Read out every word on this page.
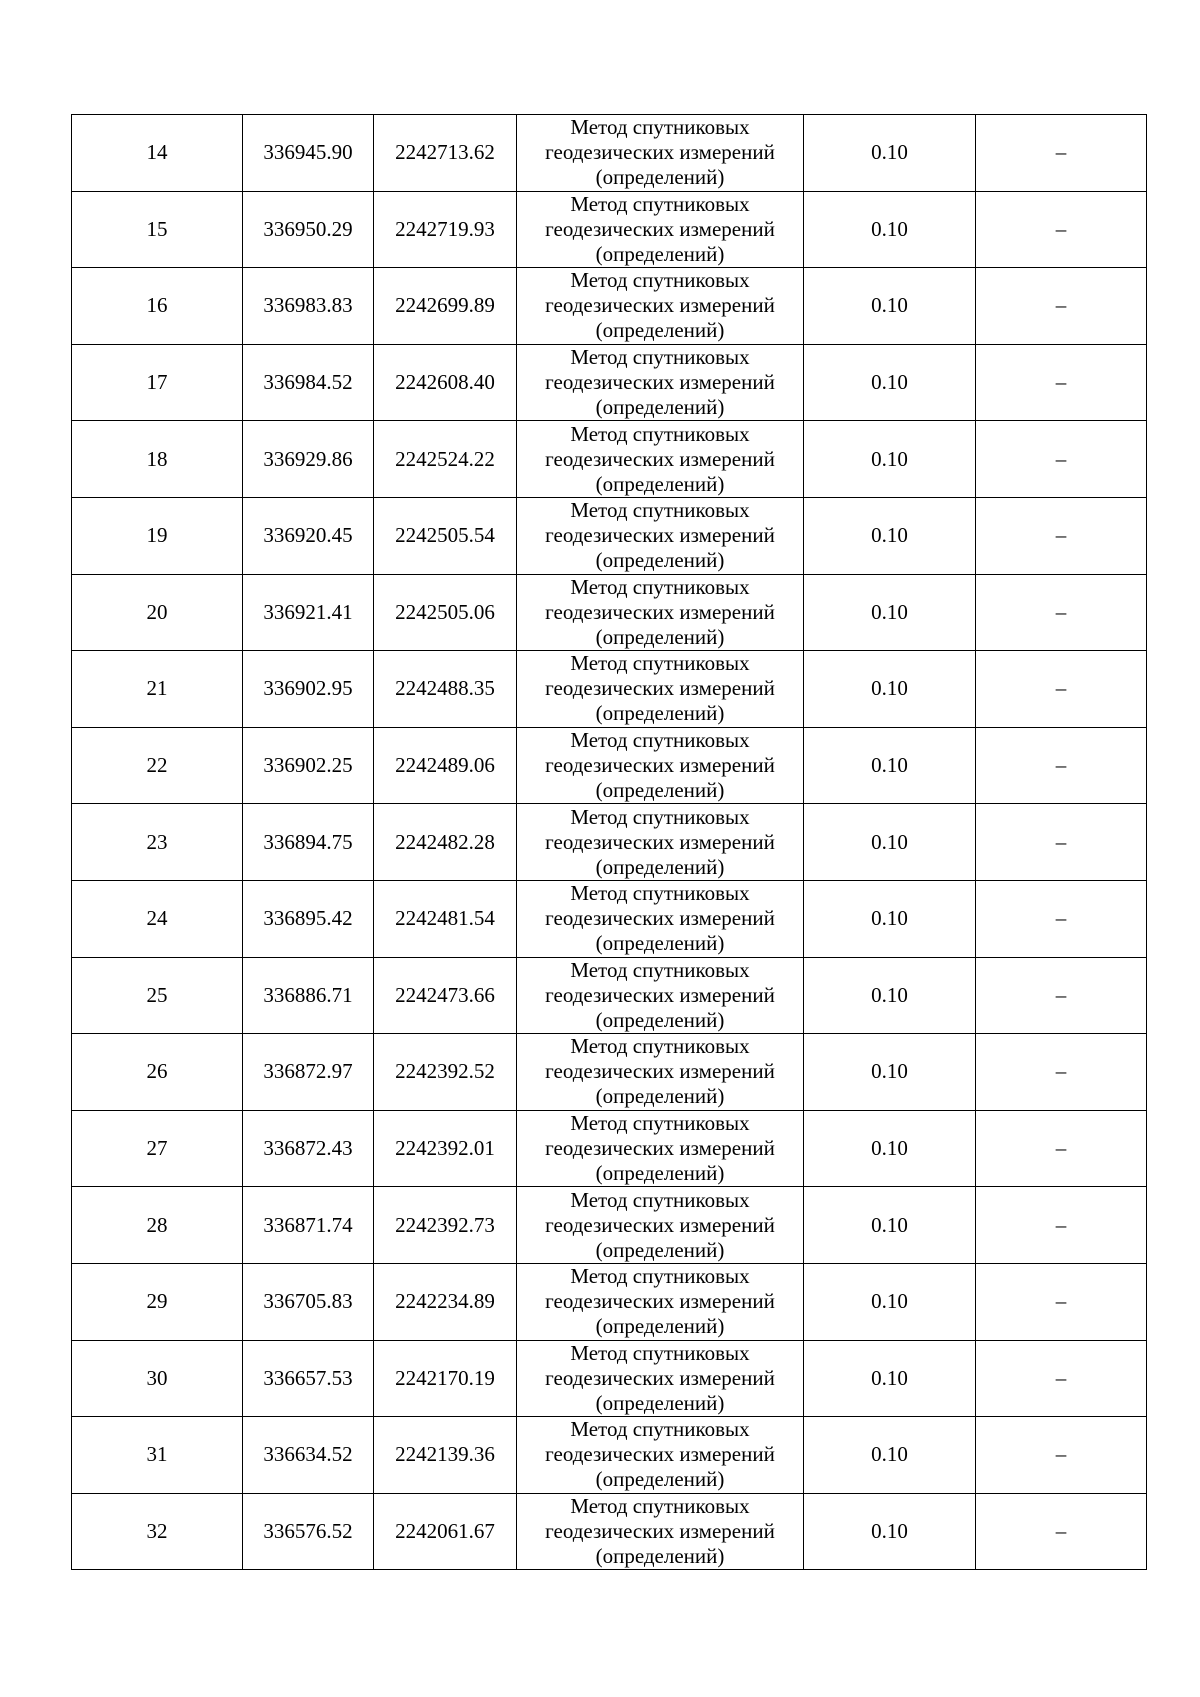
14	336945.90	2242713.62	Метод спутниковых
геодезических измерений
(определений)	0.10	–
15	336950.29	2242719.93	Метод спутниковых
геодезических измерений
(определений)	0.10	–
16	336983.83	2242699.89	Метод спутниковых
геодезических измерений
(определений)	0.10	–
17	336984.52	2242608.40	Метод спутниковых
геодезических измерений
(определений)	0.10	–
18	336929.86	2242524.22	Метод спутниковых
геодезических измерений
(определений)	0.10	–
19	336920.45	2242505.54	Метод спутниковых
геодезических измерений
(определений)	0.10	–
20	336921.41	2242505.06	Метод спутниковых
геодезических измерений
(определений)	0.10	–
21	336902.95	2242488.35	Метод спутниковых
геодезических измерений
(определений)	0.10	–
22	336902.25	2242489.06	Метод спутниковых
геодезических измерений
(определений)	0.10	–
23	336894.75	2242482.28	Метод спутниковых
геодезических измерений
(определений)	0.10	–
24	336895.42	2242481.54	Метод спутниковых
геодезических измерений
(определений)	0.10	–
25	336886.71	2242473.66	Метод спутниковых
геодезических измерений
(определений)	0.10	–
26	336872.97	2242392.52	Метод спутниковых
геодезических измерений
(определений)	0.10	–
27	336872.43	2242392.01	Метод спутниковых
геодезических измерений
(определений)	0.10	–
28	336871.74	2242392.73	Метод спутниковых
геодезических измерений
(определений)	0.10	–
29	336705.83	2242234.89	Метод спутниковых
геодезических измерений
(определений)	0.10	–
30	336657.53	2242170.19	Метод спутниковых
геодезических измерений
(определений)	0.10	–
31	336634.52	2242139.36	Метод спутниковых
геодезических измерений
(определений)	0.10	–
32	336576.52	2242061.67	Метод спутниковых
геодезических измерений
(определений)	0.10	–
